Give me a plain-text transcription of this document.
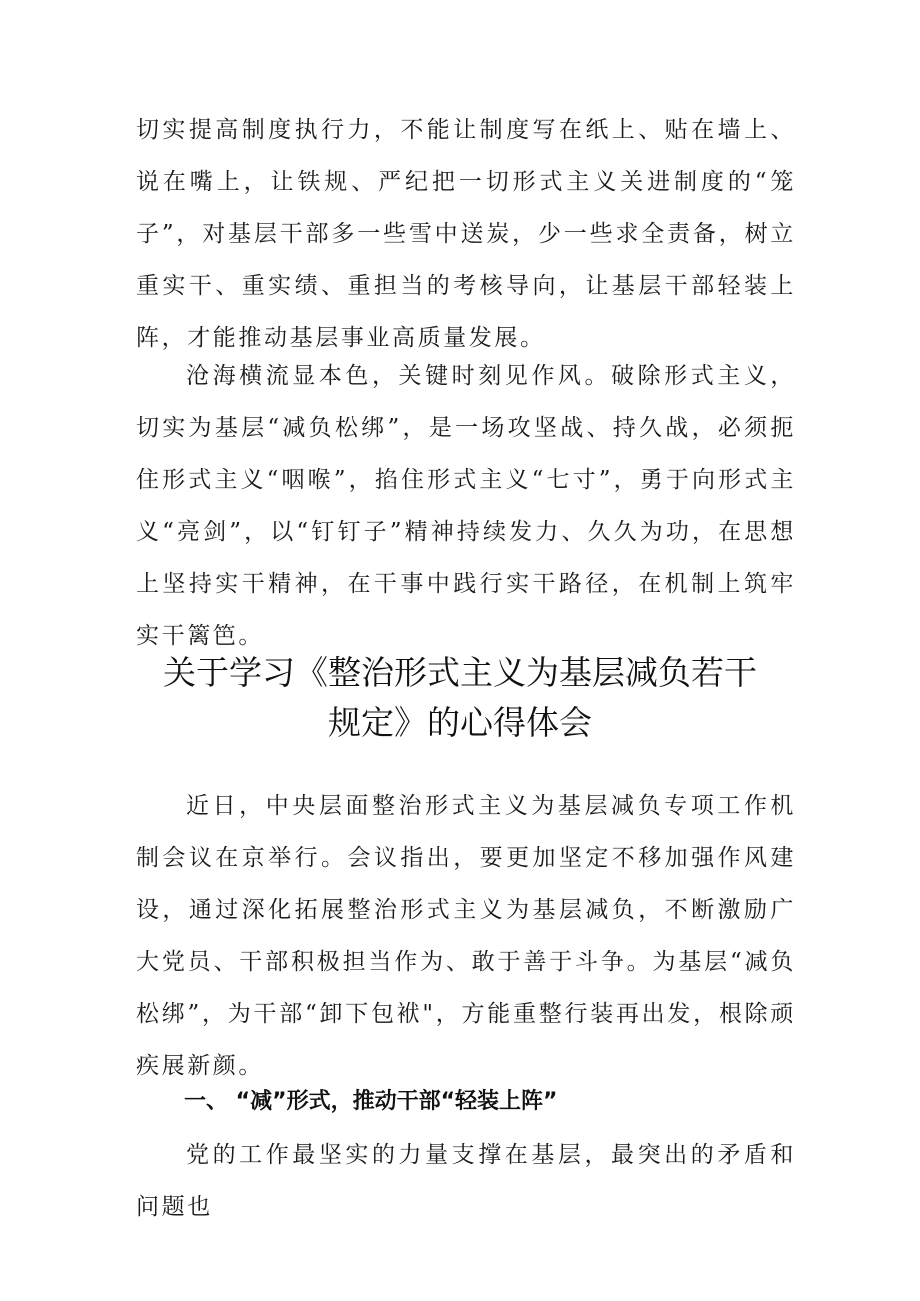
切实提高制度执行力，不能让制度写在纸上、贴在墙上、说在嘴上，让铁规、严纪把一切形式主义关进制度的“笼子”，对基层干部多一些雪中送炭，少一些求全责备，树立重实干、重实绩、重担当的考核导向，让基层干部轻装上阵，才能推动基层事业高质量发展。

沧海横流显本色，关键时刻见作风。破除形式主义，切实为基层“减负松绑”，是一场攻坚战、持久战，必须扼住形式主义“咽喉”，掐住形式主义“七寸”，勇于向形式主义“亮剑”，以“钉钉子”精神持续发力、久久为功，在思想上坚持实干精神，在干事中践行实干路径，在机制上筑牢实干篱笆。

关于学习《整治形式主义为基层减负若干
规定》的心得体会

近日，中央层面整治形式主义为基层减负专项工作机制会议在京举行。会议指出，要更加坚定不移加强作风建设，通过深化拓展整治形式主义为基层减负，不断激励广大党员、干部积极担当作为、敢于善于斗争。为基层“减负松绑”，为干部“卸下包袱"，方能重整行装再出发，根除顽疾展新颜。

一、 “减”形式，推动干部“轻装上阵”

党的工作最坚实的力量支撑在基层，最突出的矛盾和问题也
